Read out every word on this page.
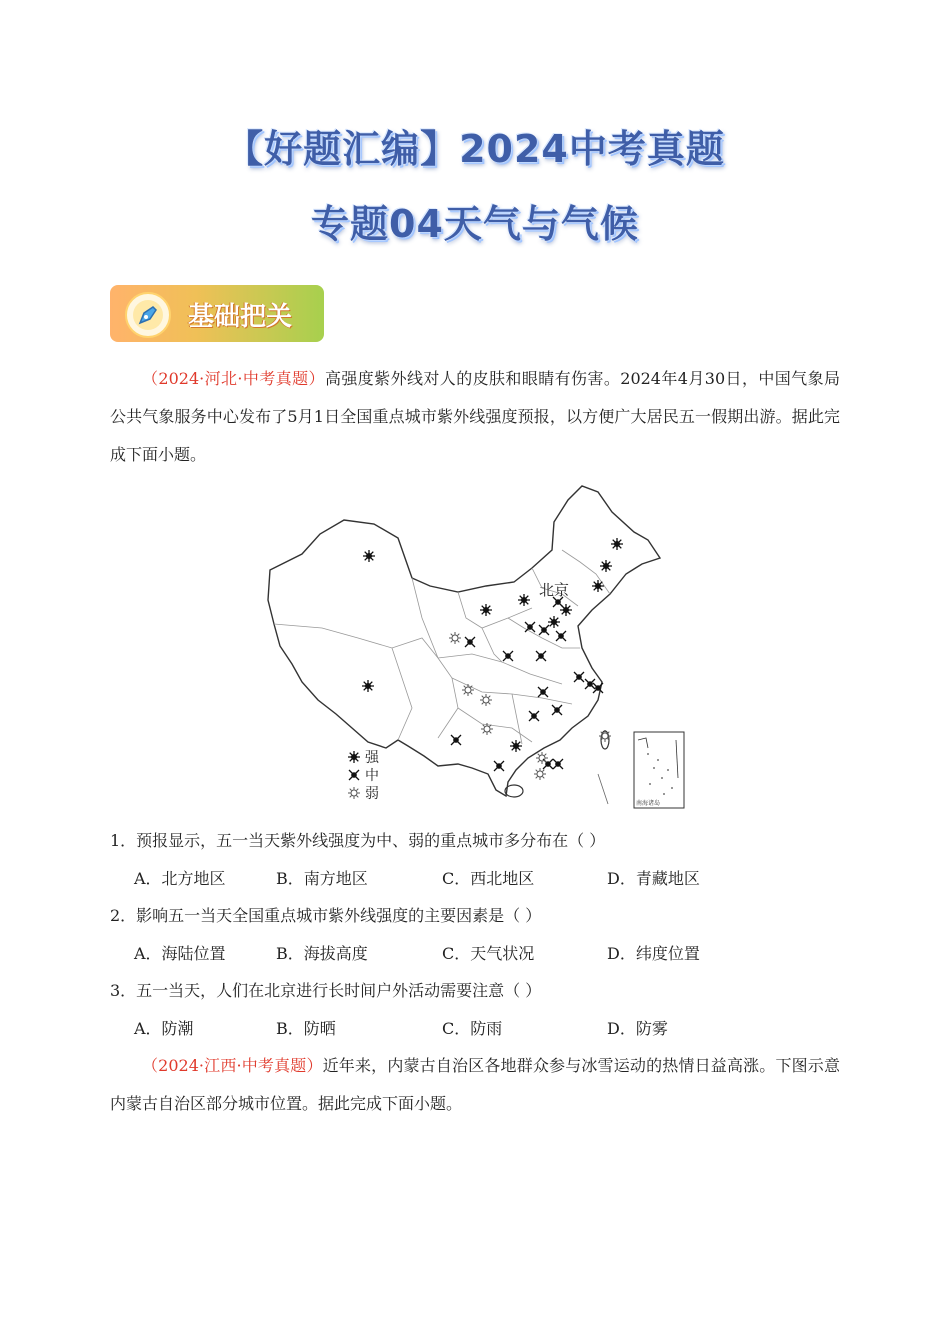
【好题汇编】2024中考真题
专题04天气与气候
基础把关
（2024·河北·中考真题）高强度紫外线对人的皮肤和眼睛有伤害。2024年4月30日，中国气象局公共气象服务中心发布了5月1日全国重点城市紫外线强度预报，以方便广大居民五一假期出游。据此完成下面小题。
南海诸岛
北京
强
中
弱
1．预报显示，五一当天紫外线强度为中、弱的重点城市多分布在（ ）
A．北方地区	B．南方地区	C．西北地区	D．青藏地区
2．影响五一当天全国重点城市紫外线强度的主要因素是（ ）
A．海陆位置	B．海拔高度	C．天气状况	D．纬度位置
3．五一当天，人们在北京进行长时间户外活动需要注意（ ）
A．防潮	B．防晒	C．防雨	D．防雾
（2024·江西·中考真题）近年来，内蒙古自治区各地群众参与冰雪运动的热情日益高涨。下图示意内蒙古自治区部分城市位置。据此完成下面小题。
